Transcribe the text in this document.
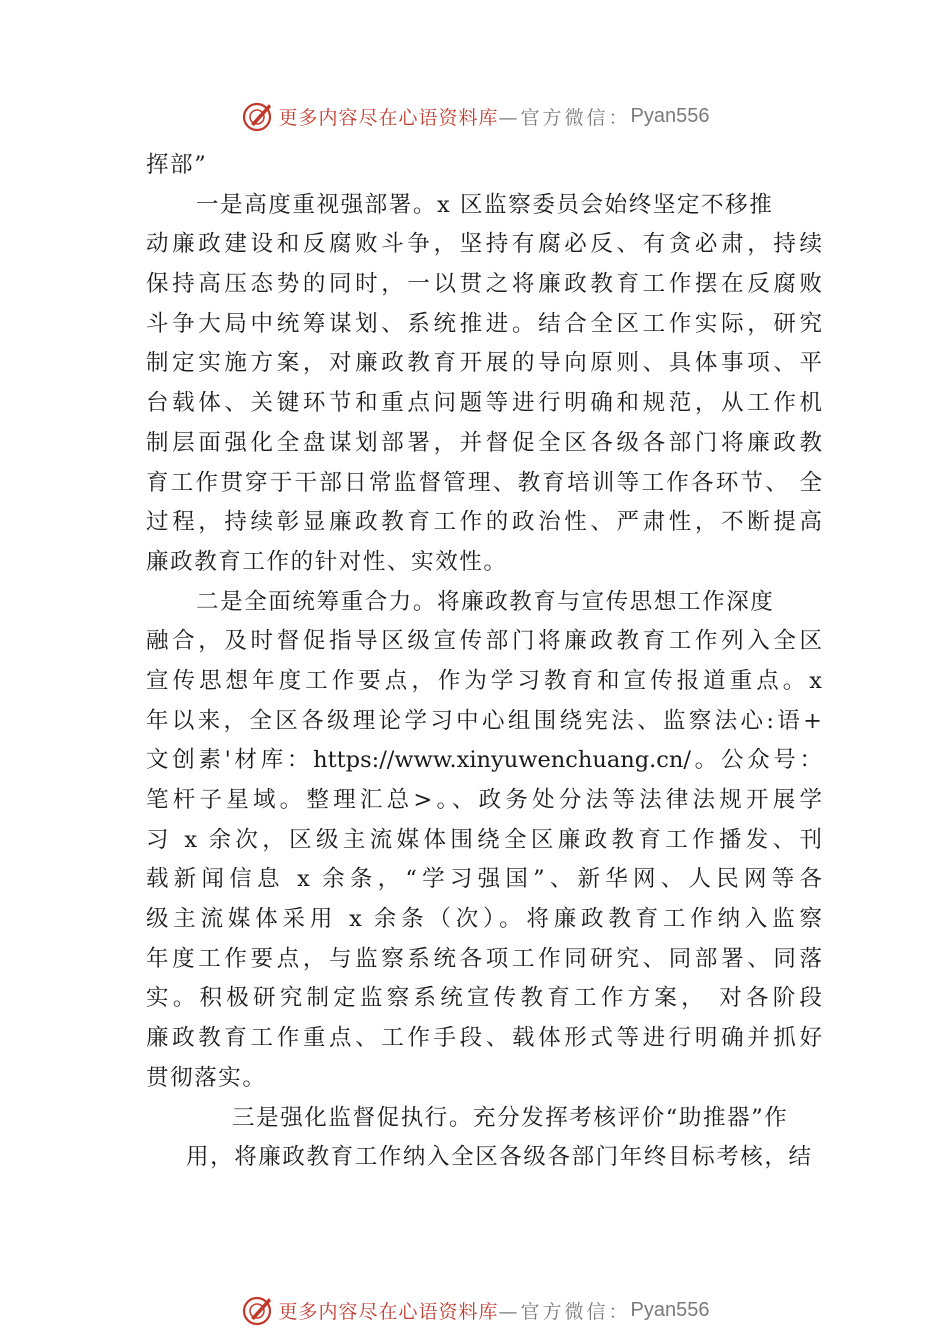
更多内容尽在心语资料库 —官方微信： Pyan556
挥部”
一是高度重视强部署。x 区监察委员会始终坚定不移推
动廉政建设和反腐败斗争，坚持有腐必反、有贪必肃，持续
保持高压态势的同时，一以贯之将廉政教育工作摆在反腐败
斗争大局中统筹谋划、系统推进。结合全区工作实际，研究
制定实施方案，对廉政教育开展的导向原则、具体事项、平
台载体、关键环节和重点问题等进行明确和规范，从工作机
制层面强化全盘谋划部署，并督促全区各级各部门将廉政教
育工作贯穿于干部日常监督管理、教育培训等工作各环节、 全
过程，持续彰显廉政教育工作的政治性、严肃性，不断提高
廉政教育工作的针对性、实效性。
二是全面统筹重合力。将廉政教育与宣传思想工作深度
融合，及时督促指导区级宣传部门将廉政教育工作列入全区
宣传思想年度工作要点，作为学习教育和宣传报道重点。x
年以来，全区各级理论学习中心组围绕宪法、监察法心:语+
文创素'材库：https://www.xinyuwenchuang.cn/。公众号：
笔杆子星域。整理汇总>。、政务处分法等法律法规开展学
习 x 余次，区级主流媒体围绕全区廉政教育工作播发、刊
载新闻信息 x 余条，“学习强国”、新华网、人民网等各
级主流媒体采用 x 余条（次）。将廉政教育工作纳入监察
年度工作要点，与监察系统各项工作同研究、同部署、同落
实。积极研究制定监察系统宣传教育工作方案， 对各阶段
廉政教育工作重点、工作手段、载体形式等进行明确并抓好
贯彻落实。
三是强化监督促执行。充分发挥考核评价“助推器”作
用，将廉政教育工作纳入全区各级各部门年终目标考核，结
更多内容尽在心语资料库 —官方微信： Pyan556
